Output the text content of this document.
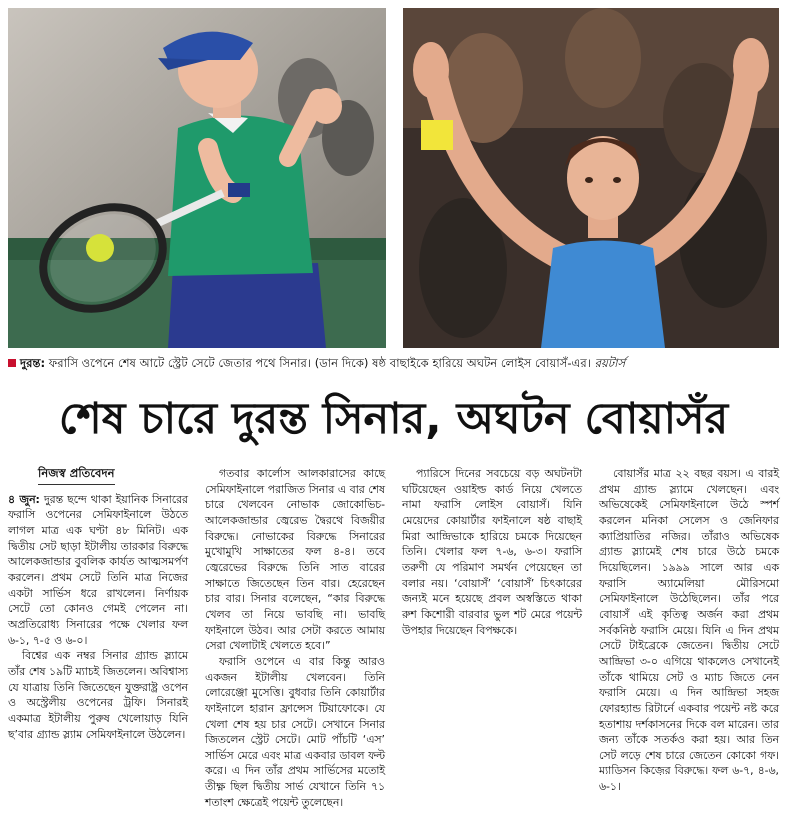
দুরন্ত: ফরাসি ওপেনে শেষ আটে স্ট্রেট সেটে জেতার পথে সিনার। (ডান দিকে) ষষ্ঠ বাছাইকে হারিয়ে অঘটন লোইস বোয়াসঁ-এর। রয়টার্স
শেষ চারে দুরন্ত সিনার, অঘটন বোয়াসঁর
নিজস্ব প্রতিবেদন

৪ জুন: দুরন্ত ছন্দে থাকা ইয়ানিক সিনারের ফরাসি ওপেনের সেমিফাইনালে উঠতে লাগল মাত্র এক ঘণ্টা ৪৮ মিনিট। এক দ্বিতীয় সেট ছাড়া ইটালীয় তারকার বিরুদ্ধে আলেকজান্ডার বুবলিক কার্যত আত্মসমর্পণ করলেন। প্রথম সেটে তিনি মাত্র নিজের একটা সার্ভিস ধরে রাখলেন। নির্ণায়ক সেটে তো কোনও গেমই পেলেন না। অপ্রতিরোধ্য সিনারের পক্ষে খেলার ফল ৬-১, ৭-৫ ও ৬-০।

বিশ্বের এক নম্বর সিনার গ্র্যান্ড স্ল্যামে তাঁর শেষ ১৯টি ম্যাচই জিতলেন। অবিশ্বাস্য যে যাত্রায় তিনি জিতেছেন যুক্তরাষ্ট্র ওপেন ও অস্ট্রেলীয় ওপেনের ট্রফি। সিনারই একমাত্র ইটালীয় পুরুষ খেলোয়াড় যিনি ছ’বার গ্র্যান্ড স্ল্যাম সেমিফাইনালে উঠলেন।

গতবার কার্লোস আলকারাসের কাছে সেমিফাইনালে পরাজিত সিনার এ বার শেষ চারে খেলবেন নোভাক জোকোভিচ-আলেকজান্ডার জ্বেরেভ দ্বৈরথে বিজয়ীর বিরুদ্ধে। নোভাকের বিরুদ্ধে সিনারের মুখোমুখি সাক্ষাতের ফল ৪-৪। তবে জ্বেরেভের বিরুদ্ধে তিনি সাত বারের সাক্ষাতে জিতেছেন তিন বার। হেরেছেন চার বার। সিনার বলেছেন, “কার বিরুদ্ধে খেলব তা নিয়ে ভাবছি না। ভাবছি ফাইনালে উঠব। আর সেটা করতে আমায় সেরা খেলাটাই খেলতে হবে।”

ফরাসি ওপেনে এ বার কিন্তু আরও একজন ইটালীয় খেলবেন। তিনি লোরেঞ্জো মুসেত্তি। বুধবার তিনি কোয়ার্টার ফাইনালে হারান ফ্রান্সেস টিয়াফোকে। যে খেলা শেষ হয় চার সেটে। সেখানে সিনার জিতলেন স্ট্রেট সেটে। মোট পাঁচটি ‘এস’ সার্ভিস মেরে এবং মাত্র একবার ডাবল ফল্ট করে। এ দিন তাঁর প্রথম সার্ভিসের মতোই তীক্ষ্ণ ছিল দ্বিতীয় সার্ভ যেখানে তিনি ৭১ শতাংশ ক্ষেত্রেই পয়েন্ট তুলেছেন।

প্যারিসে দিনের সবচেয়ে বড় অঘটনটা ঘটিয়েছেন ওয়াইল্ড কার্ড নিয়ে খেলতে নামা ফরাসি লোইস বোয়াসঁ। যিনি মেয়েদের কোয়ার্টার ফাইনালে ষষ্ঠ বাছাই মিরা আন্দ্রিভাকে হারিয়ে চমকে দিয়েছেন তিনি। খেলার ফল ৭-৬, ৬-৩। ফরাসি তরুণী যে পরিমাণ সমর্থন পেয়েছেন তা বলার নয়। ‘বোয়াসঁ’ ‘বোয়াসঁ’ চিৎকারের জন্যই মনে হয়েছে প্রবল অস্বস্তিতে থাকা রুশ কিশোরী বারবার ভুল শট মেরে পয়েন্ট উপহার দিয়েছেন বিপক্ষকে।

বোয়াসঁর মাত্র ২২ বছর বয়স। এ বারই প্রথম গ্র্যান্ড স্ল্যামে খেলছেন। এবং অভিষেকেই সেমিফাইনালে উঠে স্পর্শ করলেন মনিকা সেলেস ও জেনিফার ক্যাপ্রিয়াতির নজির। তাঁরাও অভিষেক গ্র্যান্ড স্ল্যামেই শেষ চারে উঠে চমকে দিয়েছিলেন। ১৯৯৯ সালে আর এক ফরাসি অ্যামেলিয়া মৌরিসমো সেমিফাইনালে উঠেছিলেন। তাঁর পরে বোয়াসঁ এই কৃতিত্ব অর্জন করা প্রথম সর্বকনিষ্ঠ ফরাসি মেয়ে। যিনি এ দিন প্রথম সেটে টাইব্রেকে জেতেন। দ্বিতীয় সেটে আন্দ্রিভা ৩-০ এগিয়ে থাকলেও সেখানেই তাঁকে থামিয়ে সেট ও ম্যাচ জিতে নেন ফরাসি মেয়ে। এ দিন আন্দ্রিভা সহজ ফোরহ্যান্ড রিটার্নে একবার পয়েন্ট নষ্ট করে হতাশায় দর্শকাসনের দিকে বল মারেন। তার জন্য তাঁকে সতর্কও করা হয়। আর তিন সেট লড়ে শেষ চারে জেতেন কোকো গফ। ম্যাডিসন কিজ়ের বিরুদ্ধে। ফল ৬-৭, ৪-৬, ৬-১।
